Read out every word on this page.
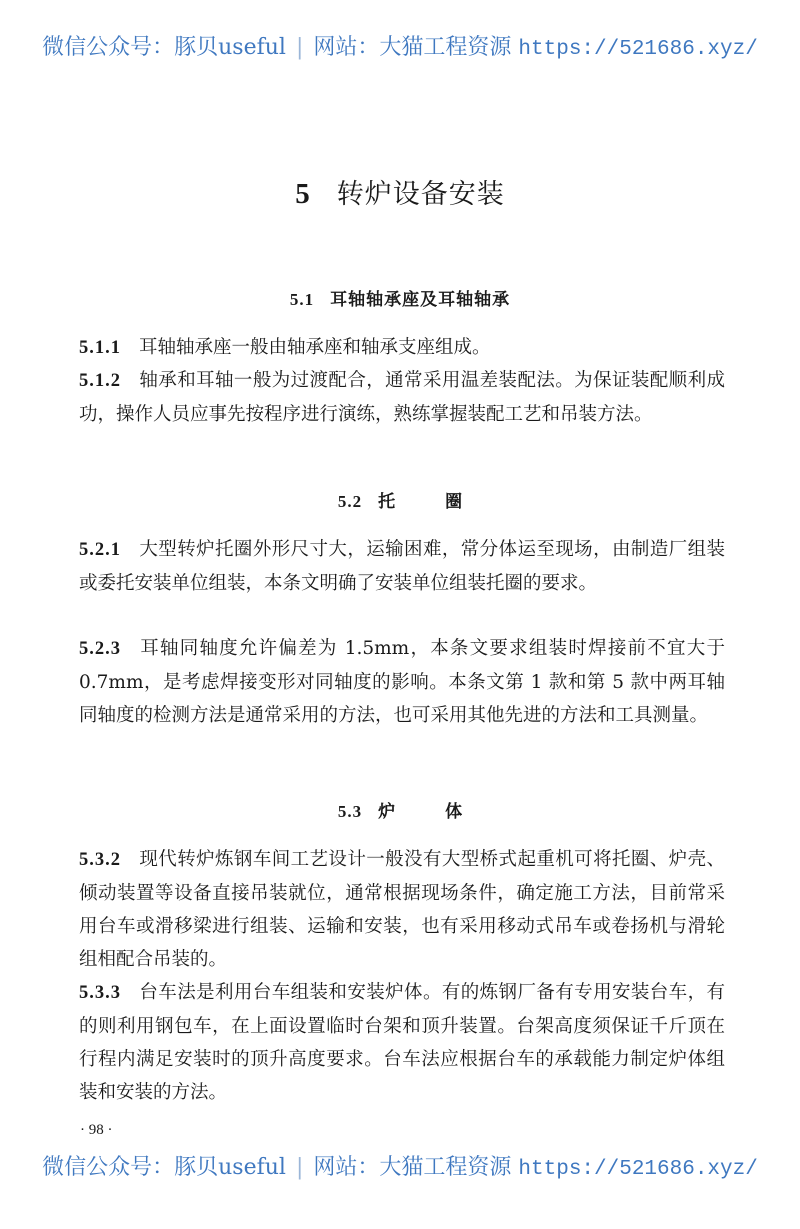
微信公众号：豚贝useful | 网站：大猫工程资源 https://521686.xyz/
5 转炉设备安装
5.1 耳轴轴承座及耳轴轴承
5.1.1 耳轴轴承座一般由轴承座和轴承支座组成。
5.1.2 轴承和耳轴一般为过渡配合，通常采用温差装配法。为保证装配顺利成功，操作人员应事先按程序进行演练，熟练掌握装配工艺和吊装方法。
5.2 托圈
5.2.1 大型转炉托圈外形尺寸大，运输困难，常分体运至现场，由制造厂组装或委托安装单位组装，本条文明确了安装单位组装托圈的要求。
5.2.3 耳轴同轴度允许偏差为 1.5mm，本条文要求组装时焊接前不宜大于 0.7mm，是考虑焊接变形对同轴度的影响。本条文第 1 款和第 5 款中两耳轴同轴度的检测方法是通常采用的方法，也可采用其他先进的方法和工具测量。
5.3 炉体
5.3.2 现代转炉炼钢车间工艺设计一般没有大型桥式起重机可将托圈、炉壳、倾动装置等设备直接吊装就位，通常根据现场条件，确定施工方法，目前常采用台车或滑移梁进行组装、运输和安装，也有采用移动式吊车或卷扬机与滑轮组相配合吊装的。
5.3.3 台车法是利用台车组装和安装炉体。有的炼钢厂备有专用安装台车，有的则利用钢包车，在上面设置临时台架和顶升装置。台架高度须保证千斤顶在行程内满足安装时的顶升高度要求。台车法应根据台车的承载能力制定炉体组装和安装的方法。
· 98 ·
微信公众号：豚贝useful | 网站：大猫工程资源 https://521686.xyz/
